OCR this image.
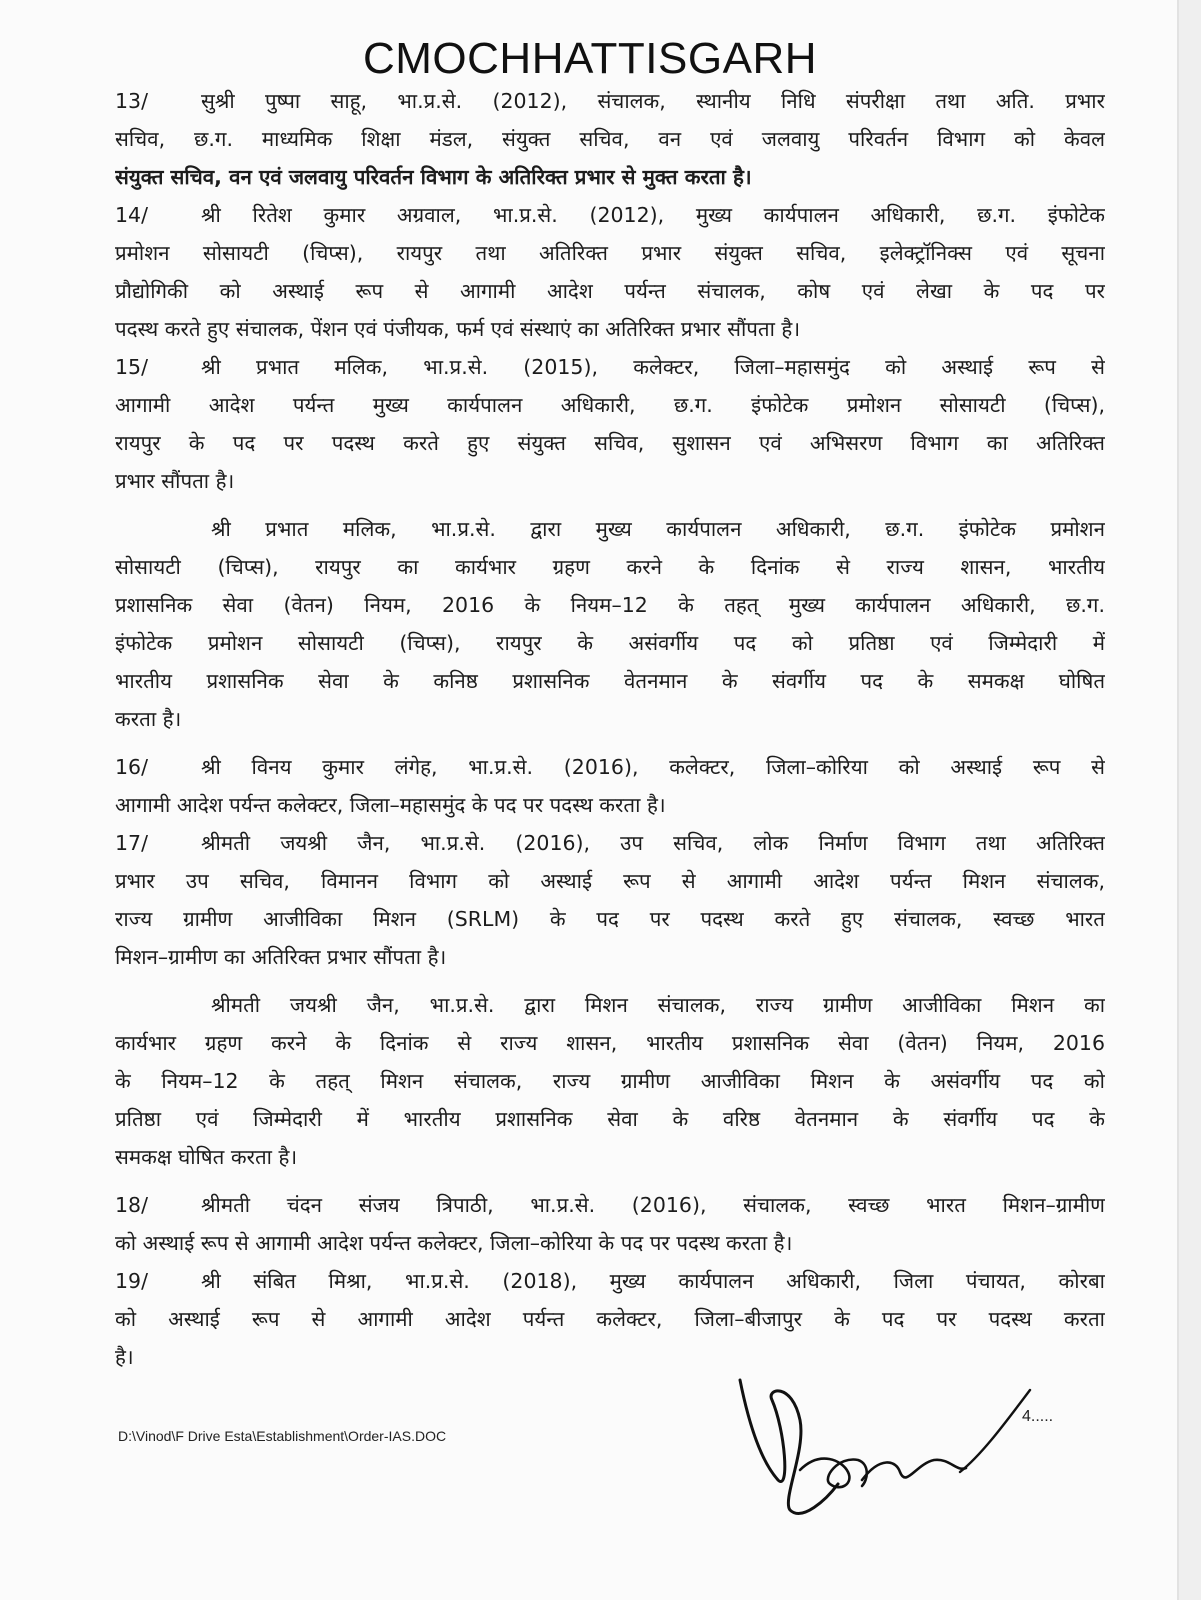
CMOCHHATTISGARH

13/	सुश्री पुष्पा साहू, भा.प्र.से. (2012), संचालक, स्थानीय निधि संपरीक्षा तथा अति. प्रभार

सचिव, छ.ग. माध्यमिक शिक्षा मंडल, संयुक्त सचिव, वन एवं जलवायु परिवर्तन विभाग को केवल

संयुक्त सचिव, वन एवं जलवायु परिवर्तन विभाग के अतिरिक्त प्रभार से मुक्त करता है।

14/	श्री रितेश कुमार अग्रवाल, भा.प्र.से. (2012), मुख्य कार्यपालन अधिकारी, छ.ग. इंफोटेक

प्रमोशन सोसायटी (चिप्स), रायपुर तथा अतिरिक्त प्रभार संयुक्त सचिव, इलेक्ट्रॉनिक्स एवं सूचना

प्रौद्योगिकी को अस्थाई रूप से आगामी आदेश पर्यन्त संचालक, कोष एवं लेखा के पद पर

पदस्थ करते हुए संचालक, पेंशन एवं पंजीयक, फर्म एवं संस्थाएं का अतिरिक्त प्रभार सौंपता है।

15/	श्री प्रभात मलिक, भा.प्र.से. (2015), कलेक्टर, जिला–महासमुंद को अस्थाई रूप से

आगामी आदेश पर्यन्त मुख्य कार्यपालन अधिकारी, छ.ग. इंफोटेक प्रमोशन सोसायटी (चिप्स),

रायपुर के पद पर पदस्थ करते हुए संयुक्त सचिव, सुशासन एवं अभिसरण विभाग का अतिरिक्त

प्रभार सौंपता है।

श्री प्रभात मलिक, भा.प्र.से. द्वारा मुख्य कार्यपालन अधिकारी, छ.ग. इंफोटेक प्रमोशन

सोसायटी (चिप्स), रायपुर का कार्यभार ग्रहण करने के दिनांक से राज्य शासन, भारतीय

प्रशासनिक सेवा (वेतन) नियम, 2016 के नियम–12 के तहत् मुख्य कार्यपालन अधिकारी, छ.ग.

इंफोटेक प्रमोशन सोसायटी (चिप्स), रायपुर के असंवर्गीय पद को प्रतिष्ठा एवं जिम्मेदारी में

भारतीय प्रशासनिक सेवा के कनिष्ठ प्रशासनिक वेतनमान के संवर्गीय पद के समकक्ष घोषित

करता है।

16/	श्री विनय कुमार लंगेह, भा.प्र.से. (2016), कलेक्टर, जिला–कोरिया को अस्थाई रूप से

आगामी आदेश पर्यन्त कलेक्टर, जिला–महासमुंद के पद पर पदस्थ करता है।

17/	श्रीमती जयश्री जैन, भा.प्र.से. (2016), उप सचिव, लोक निर्माण विभाग तथा अतिरिक्त

प्रभार उप सचिव, विमानन विभाग को अस्थाई रूप से आगामी आदेश पर्यन्त मिशन संचालक,

राज्य ग्रामीण आजीविका मिशन (SRLM) के पद पर पदस्थ करते हुए संचालक, स्वच्छ भारत

मिशन–ग्रामीण का अतिरिक्त प्रभार सौंपता है।

श्रीमती जयश्री जैन, भा.प्र.से. द्वारा मिशन संचालक, राज्य ग्रामीण आजीविका मिशन का

कार्यभार ग्रहण करने के दिनांक से राज्य शासन, भारतीय प्रशासनिक सेवा (वेतन) नियम, 2016

के नियम–12 के तहत् मिशन संचालक, राज्य ग्रामीण आजीविका मिशन के असंवर्गीय पद को

प्रतिष्ठा एवं जिम्मेदारी में भारतीय प्रशासनिक सेवा के वरिष्ठ वेतनमान के संवर्गीय पद के

समकक्ष घोषित करता है।

18/	श्रीमती चंदन संजय त्रिपाठी, भा.प्र.से. (2016), संचालक, स्वच्छ भारत मिशन–ग्रामीण

को अस्थाई रूप से आगामी आदेश पर्यन्त कलेक्टर, जिला–कोरिया के पद पर पदस्थ करता है।

19/	श्री संबित मिश्रा, भा.प्र.से. (2018), मुख्य कार्यपालन अधिकारी, जिला पंचायत, कोरबा

को अस्थाई रूप से आगामी आदेश पर्यन्त कलेक्टर, जिला–बीजापुर के पद पर पदस्थ करता

है।

4.....
D:\Vinod\F Drive Esta\Establishment\Order-IAS.DOC
